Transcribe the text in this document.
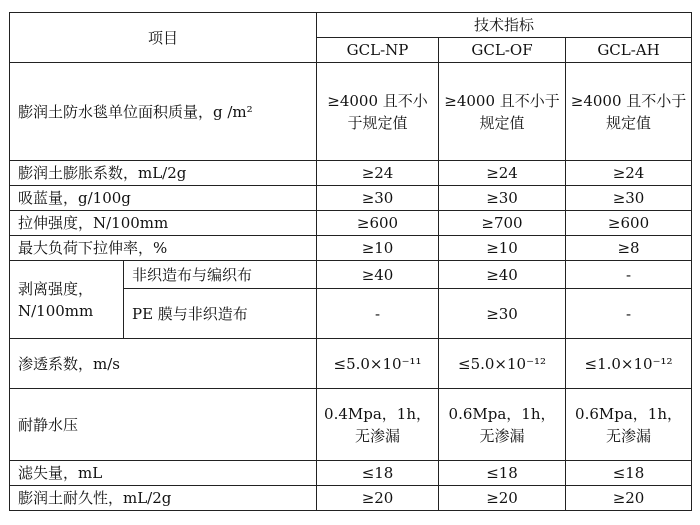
项目		技术指标		
		GCL-NP	GCL-OF	GCL-AH
膨润土防水毯单位面积质量，g /m²		≥4000 且不小于规定值	≥4000 且不小于规定值	≥4000 且不小于规定值
膨润土膨胀系数，mL/2g		≥24	≥24	≥24
吸蓝量，g/100g		≥30	≥30	≥30
拉伸强度，N/100mm		≥600	≥700	≥600
最大负荷下拉伸率，%		≥10	≥10	≥8
剥离强度，N/100mm	非织造布与编织布	≥40	≥40	-
	PE 膜与非织造布	-	≥30	-
渗透系数，m/s		≤5.0×10⁻¹¹	≤5.0×10⁻¹²	≤1.0×10⁻¹²
耐静水压		0.4Mpa，1h，无渗漏	0.6Mpa，1h，无渗漏	0.6Mpa，1h，无渗漏
滤失量，mL		≤18	≤18	≤18
膨润土耐久性，mL/2g		≥20	≥20	≥20
